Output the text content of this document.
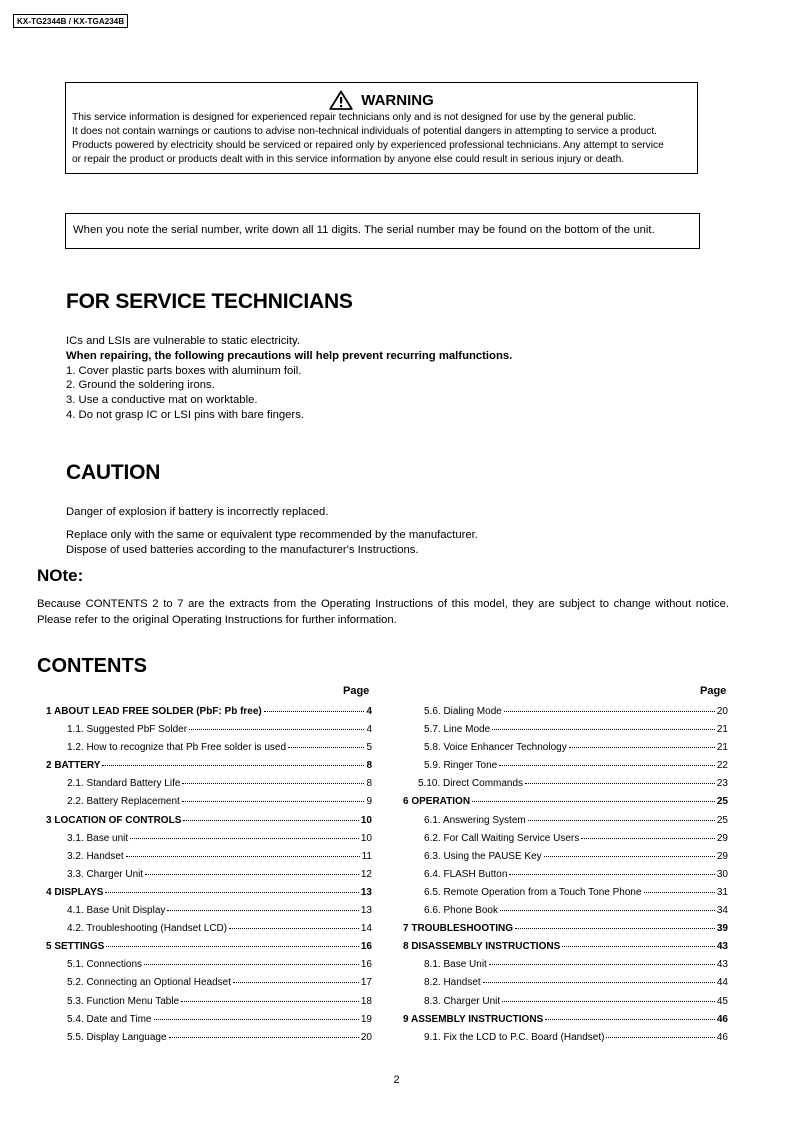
KX-TG2344B / KX-TGA234B
WARNING
This service information is designed for experienced repair technicians only and is not designed for use by the general public.
It does not contain warnings or cautions to advise non-technical individuals of potential dangers in attempting to service a product.
Products powered by electricity should be serviced or repaired only by experienced professional technicians. Any attempt to service
or repair the product or products dealt with in this service information by anyone else could result in serious injury or death.
When you note the serial number, write down all 11 digits. The serial number may be found on the bottom of the unit.
FOR SERVICE TECHNICIANS
ICs and LSIs are vulnerable to static electricity.
When repairing, the following precautions will help prevent recurring malfunctions.
1. Cover plastic parts boxes with aluminum foil.
2. Ground the soldering irons.
3. Use a conductive mat on worktable.
4. Do not grasp IC or LSI pins with bare fingers.
CAUTION
Danger of explosion if battery is incorrectly replaced.
Replace only with the same or equivalent type recommended by the manufacturer.
Dispose of used batteries according to the manufacturer's Instructions.
NOte:
Because CONTENTS 2 to 7 are the extracts from the Operating Instructions of this model, they are subject to change without notice. Please refer to the original Operating Instructions for further information.
CONTENTS
Page	Page
1 ABOUT LEAD FREE SOLDER (PbF: Pb free)	4
1.1. Suggested PbF Solder	4
1.2. How to recognize that Pb Free solder is used	5
2 BATTERY	8
2.1. Standard Battery Life	8
2.2. Battery Replacement	9
3 LOCATION OF CONTROLS	10
3.1. Base unit	10
3.2. Handset	11
3.3. Charger Unit	12
4 DISPLAYS	13
4.1. Base Unit Display	13
4.2. Troubleshooting (Handset LCD)	14
5 SETTINGS	16
5.1. Connections	16
5.2. Connecting an Optional Headset	17
5.3. Function Menu Table	18
5.4. Date and Time	19
5.5. Display Language	20
5.6. Dialing Mode	20
5.7. Line Mode	21
5.8. Voice Enhancer Technology	21
5.9. Ringer Tone	22
5.10. Direct Commands	23
6 OPERATION	25
6.1. Answering System	25
6.2. For Call Waiting Service Users	29
6.3. Using the PAUSE Key	29
6.4. FLASH Button	30
6.5. Remote Operation from a Touch Tone Phone	31
6.6. Phone Book	34
7 TROUBLESHOOTING	39
8 DISASSEMBLY INSTRUCTIONS	43
8.1. Base Unit	43
8.2. Handset	44
8.3. Charger Unit	45
9 ASSEMBLY INSTRUCTIONS	46
9.1. Fix the LCD to P.C. Board (Handset)	46
2
